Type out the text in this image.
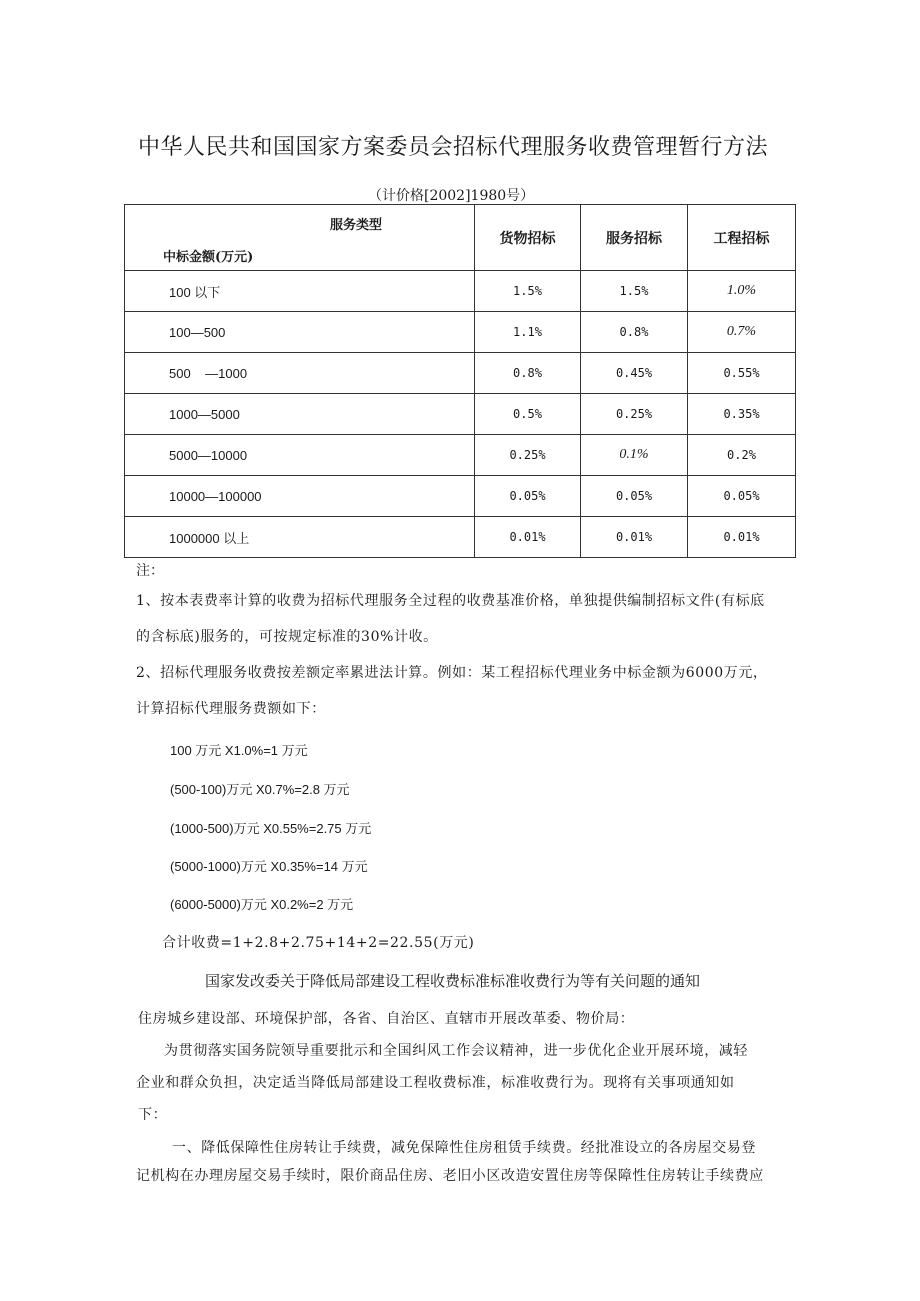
中华人民共和国国家方案委员会招标代理服务收费管理暂行方法
（计价格[2002]1980号）
服务类型
中标金额(万元)	货物招标	服务招标	工程招标
100 以下	1.5%	1.5%	1.0%
100—500	1.1%	0.8%	0.7%
500    —1000	0.8%	0.45%	0.55%
1000—5000	0.5%	0.25%	0.35%
5000—10000	0.25%	0.1%	0.2%
10000—100000	0.05%	0.05%	0.05%
1000000 以上	0.01%	0.01%	0.01%
注：
1、按本表费率计算的收费为招标代理服务全过程的收费基准价格，单独提供编制招标文件(有标底
的含标底)服务的，可按规定标准的30%计收。
2、招标代理服务收费按差额定率累进法计算。例如：某工程招标代理业务中标金额为6000万元，
计算招标代理服务费额如下：
100 万元 X1.0%=1 万元
(500-100)万元 X0.7%=2.8 万元
(1000-500)万元 X0.55%=2.75 万元
(5000-1000)万元 X0.35%=14 万元
(6000-5000)万元 X0.2%=2 万元
合计收费=1+2.8+2.75+14+2=22.55(万元)
国家发改委关于降低局部建设工程收费标准标准收费行为等有关问题的通知
住房城乡建设部、环境保护部，各省、自治区、直辖市开展改革委、物价局：
为贯彻落实国务院领导重要批示和全国纠风工作会议精神，进一步优化企业开展环境，减轻
企业和群众负担，决定适当降低局部建设工程收费标准，标准收费行为。现将有关事项通知如
下：
一、降低保障性住房转让手续费，减免保障性住房租赁手续费。经批准设立的各房屋交易登
记机构在办理房屋交易手续时，限价商品住房、老旧小区改造安置住房等保障性住房转让手续费应
